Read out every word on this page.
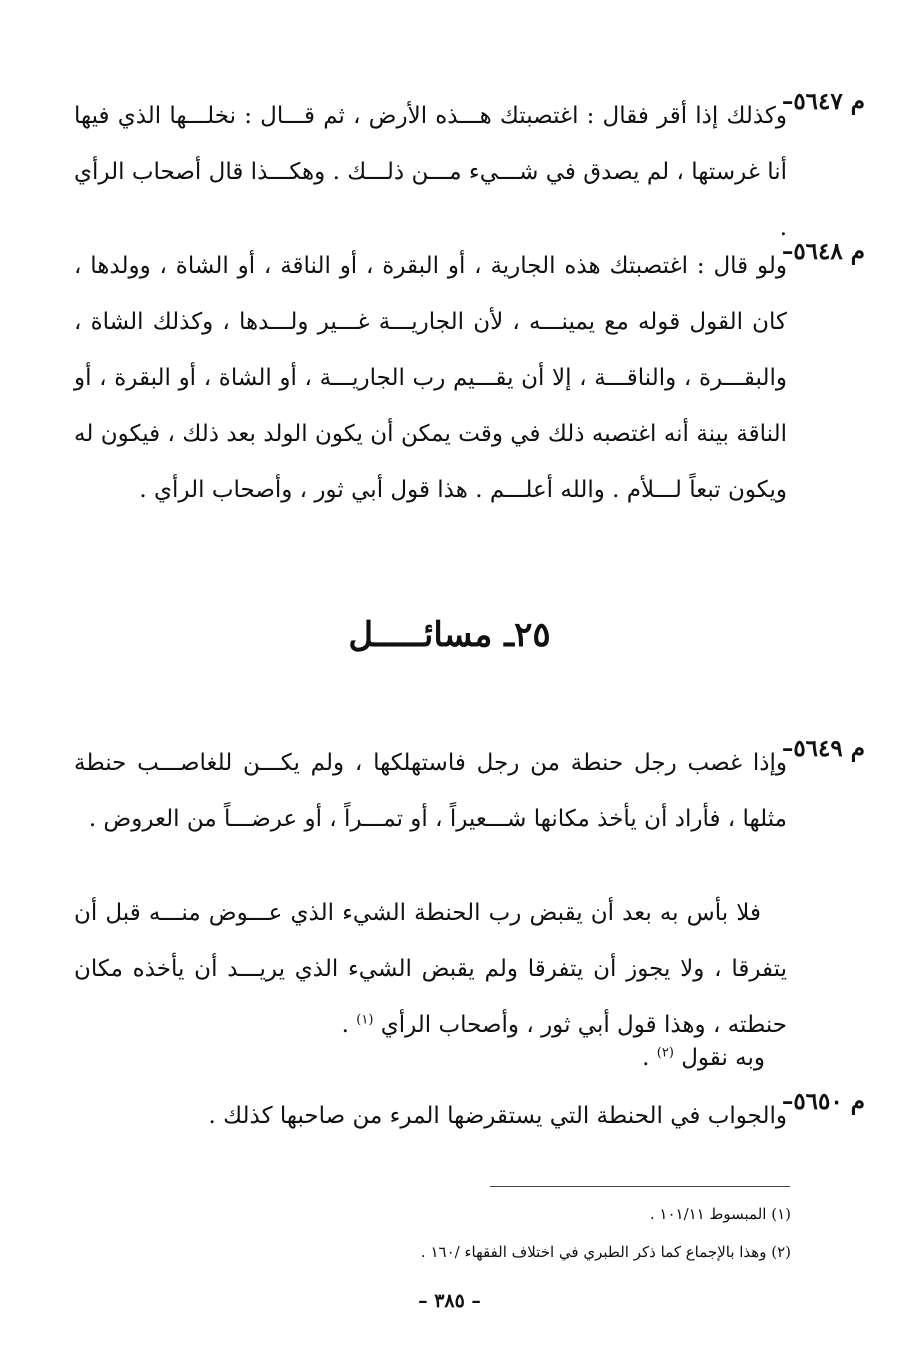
م ٥٦٤٧–
وكذلك إذا أقر فقال : اغتصبتك هـــذه الأرض ، ثم قـــال : نخلـــها الذي فيها أنا غرستها ، لم يصدق في شـــيء مـــن ذلـــك . وهكـــذا قال أصحاب الرأي .
م ٥٦٤٨–
ولو قال : اغتصبتك هذه الجارية ، أو البقرة ، أو الناقة ، أو الشاة ، وولدها ، كان القول قوله مع يمينـــه ، لأن الجاريـــة غـــير ولـــدها ، وكذلك الشاة ، والبقـــرة ، والناقـــة ، إلا أن يقـــيم رب الجاريـــة ، أو الشاة ، أو البقرة ، أو الناقة بينة أنه اغتصبه ذلك في وقت يمكن أن يكون الولد بعد ذلك ، فيكون له ويكون تبعاً لـــلأم . والله أعلـــم . هذا قول أبي ثور ، وأصحاب الرأي .
٢٥ـ مسائـــــل
م ٥٦٤٩–
وإذا غصب رجل حنطة من رجل فاستهلكها ، ولم يكـــن للغاصـــب حنطة مثلها ، فأراد أن يأخذ مكانها شـــعيراً ، أو تمـــراً ، أو عرضـــاً من العروض .
فلا بأس به بعد أن يقبض رب الحنطة الشيء الذي عـــوض منـــه قبل أن يتفرقا ، ولا يجوز أن يتفرقا ولم يقبض الشيء الذي يريـــد أن يأخذه مكان حنطته ، وهذا قول أبي ثور ، وأصحاب الرأي $^{(١)}$ .
وبه نقول $^{(٢)}$ .
م ٥٦٥٠–
والجواب في الحنطة التي يستقرضها المرء من صاحبها كذلك .
(١) المبسوط ١٠١/١١ .
(٢) وهذا بالإجماع كما ذكر الطبري في اختلاف الفقهاء /١٦٠ .
– ٣٨٥ –
